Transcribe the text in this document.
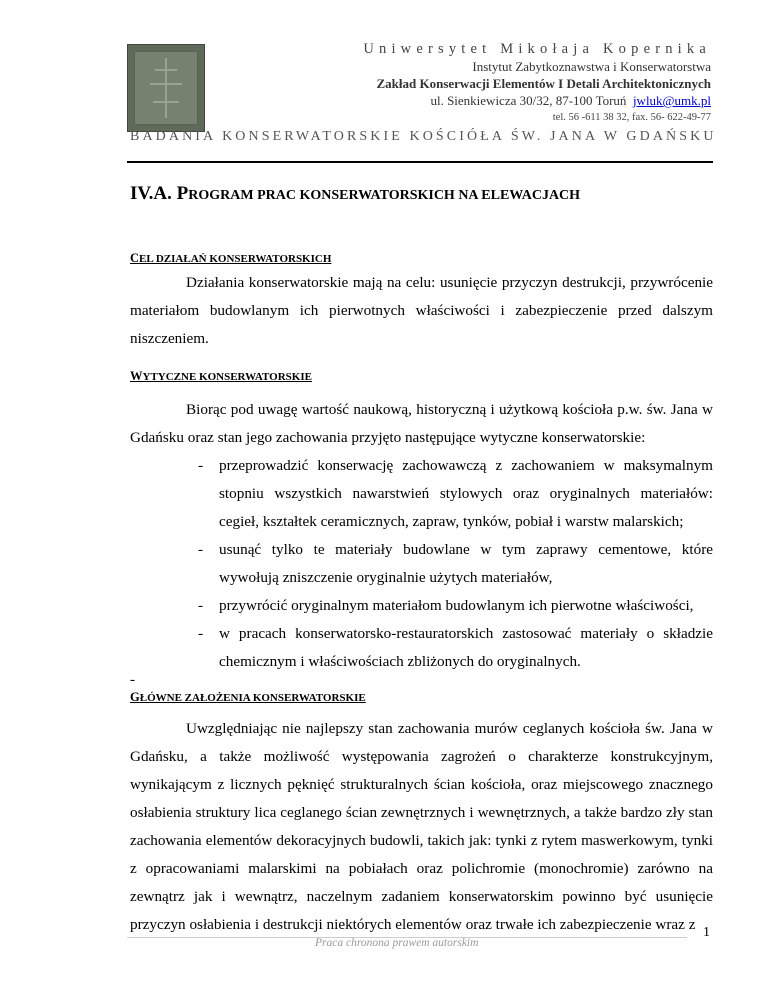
Uniwersytet Mikołaja Kopernika
Instytut Zabytkoznawstwa i Konserwatorstwa
Zakład Konserwacji Elementów I Detali Architektonicznych
ul. Sienkiewicza 30/32, 87-100 Toruń jwluk@umk.pl
tel. 56 -611 38 32, fax. 56- 622-49-77
BADANIA KONSERWATORSKIE KOŚCIÓŁA ŚW. JANA W GDAŃSKU
IV.A. PROGRAM PRAC KONSERWATORSKICH NA ELEWACJACH
CEL DZIAŁAŃ KONSERWATORSKICH
Działania konserwatorskie mają na celu: usunięcie przyczyn destrukcji, przywrócenie materiałom budowlanym ich pierwotnych właściwości i zabezpieczenie przed dalszym niszczeniem.
WYTYCZNE KONSERWATORSKIE
Biorąc pod uwagę wartość naukową, historyczną i użytkową kościoła p.w. św. Jana w Gdańsku oraz stan jego zachowania przyjęto następujące wytyczne konserwatorskie:
- przeprowadzić konserwację zachowawczą z zachowaniem w maksymalnym stopniu wszystkich nawarstwień stylowych oraz oryginalnych materiałów: cegieł, kształtek ceramicznych, zapraw, tynków, pobiał i warstw malarskich;
- usunąć tylko te materiały budowlane w tym zaprawy cementowe, które wywołują zniszczenie oryginalnie użytych materiałów,
- przywrócić oryginalnym materiałom budowlanym ich pierwotne właściwości,
- w pracach konserwatorsko-restauratorskich zastosować materiały o składzie chemicznym i właściwościach zbliżonych do oryginalnych.
-
GŁÓWNE ZAŁOŻENIA KONSERWATORSKIE
Uwzględniając nie najlepszy stan zachowania murów ceglanych kościoła św. Jana w Gdańsku, a także możliwość występowania zagrożeń o charakterze konstrukcyjnym, wynikającym z licznych pęknięć strukturalnych ścian kościoła, oraz miejscowego znacznego osłabienia struktury lica ceglanego ścian zewnętrznych i wewnętrznych, a także bardzo zły stan zachowania elementów dekoracyjnych budowli, takich jak: tynki z rytem maswerkowym, tynki z opracowaniami malarskimi na pobiałach oraz polichromie (monochromie) zarówno na zewnątrz jak i wewnątrz, naczelnym zadaniem konserwatorskim powinno być usunięcie przyczyn osłabienia i destrukcji niektórych elementów oraz trwałe ich zabezpieczenie wraz z
Praca chronona prawem autorskim
1
